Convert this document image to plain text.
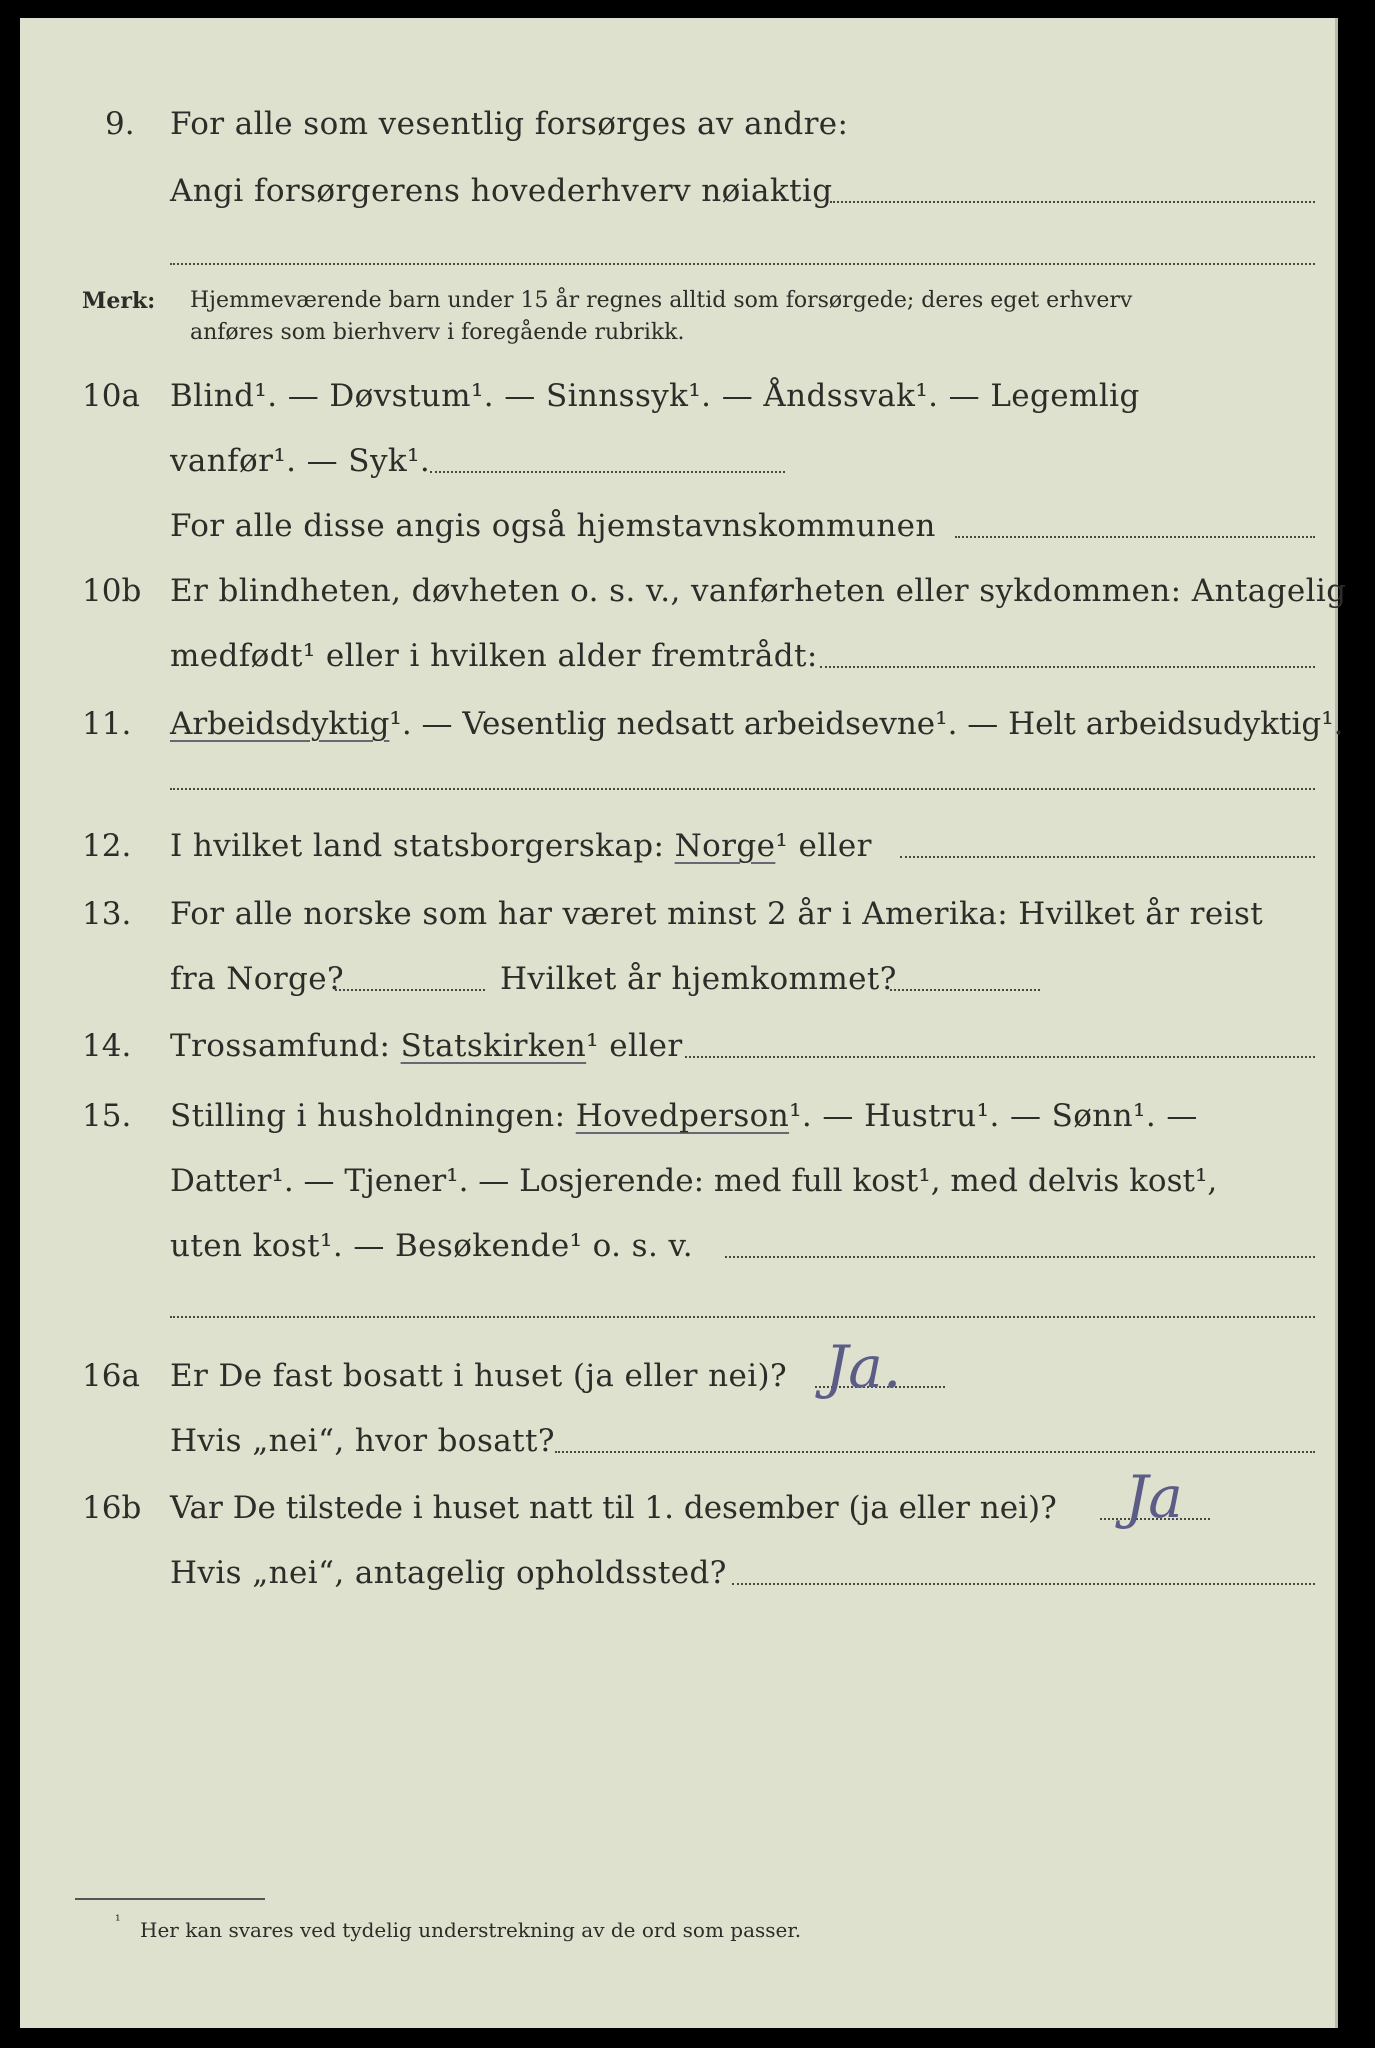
9. For alle som vesentlig forsørges av andre:
Angi forsørgerens hovederhverv nøiaktig
Merk: Hjemmeværende barn under 15 år regnes alltid som forsørgede; deres eget erhverv
anføres som bierhverv i foregående rubrikk.
10a Blind¹. — Døvstum¹. — Sinnssyk¹. — Åndssvak¹. — Legemlig
vanfør¹. — Syk¹.
For alle disse angis også hjemstavnskommunen
10b Er blindheten, døvheten o. s. v., vanførheten eller sykdommen: Antagelig
medfødt¹ eller i hvilken alder fremtrådt:
11. Arbeidsdyktig¹. — Vesentlig nedsatt arbeidsevne¹. — Helt arbeidsudyktig¹.
12. I hvilket land statsborgerskap: Norge¹ eller
13. For alle norske som har været minst 2 år i Amerika: Hvilket år reist
fra Norge?	Hvilket år hjemkommet?
14. Trossamfund: Statskirken¹ eller
15. Stilling i husholdningen: Hovedperson¹. — Hustru¹. — Sønn¹. —
Datter¹. — Tjener¹. — Losjerende: med full kost¹, med delvis kost¹,
uten kost¹. — Besøkende¹ o. s. v.
16a Er De fast bosatt i huset (ja eller nei)? Ja.
Hvis „nei“, hvor bosatt?
16b Var De tilstede i huset natt til 1. desember (ja eller nei)? Ja
Hvis „nei“, antagelig opholdssted?
¹ Her kan svares ved tydelig understrekning av de ord som passer.
